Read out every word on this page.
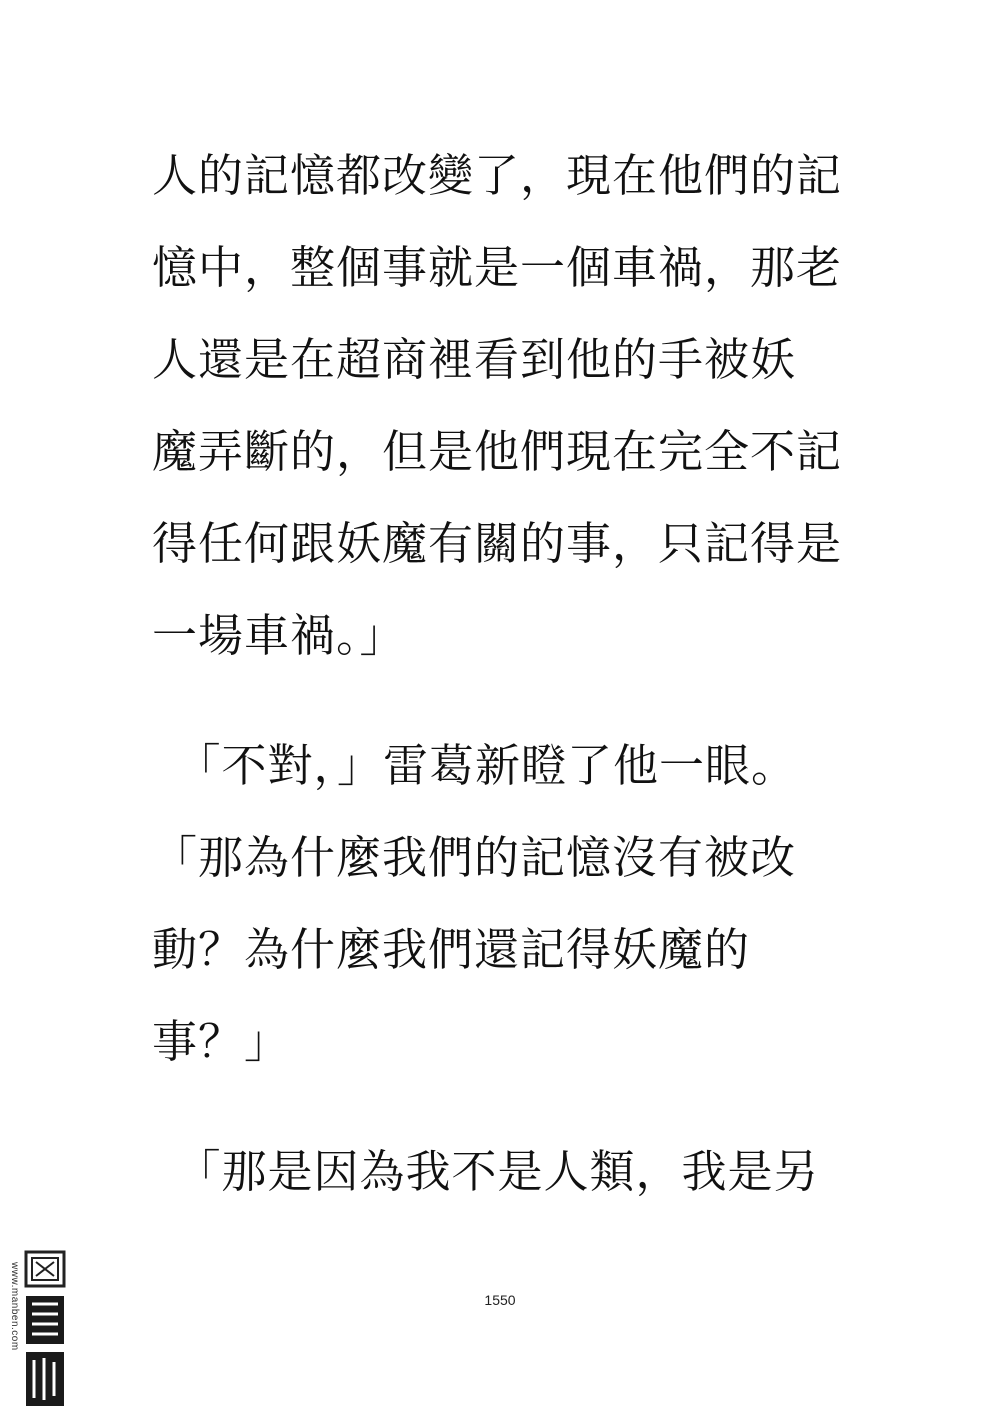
人的記憶都改變了，現在他們的記
憶中，整個事就是一個車禍，那老
人還是在超商裡看到他的手被妖
魔弄斷的，但是他們現在完全不記
得任何跟妖魔有關的事，只記得是
一場車禍。」
　「不對，」雷葛新瞪了他一眼。
「那為什麼我們的記憶沒有被改
動？為什麼我們還記得妖魔的
事？」
　「那是因為我不是人類，我是另
1550
www.manben.com
